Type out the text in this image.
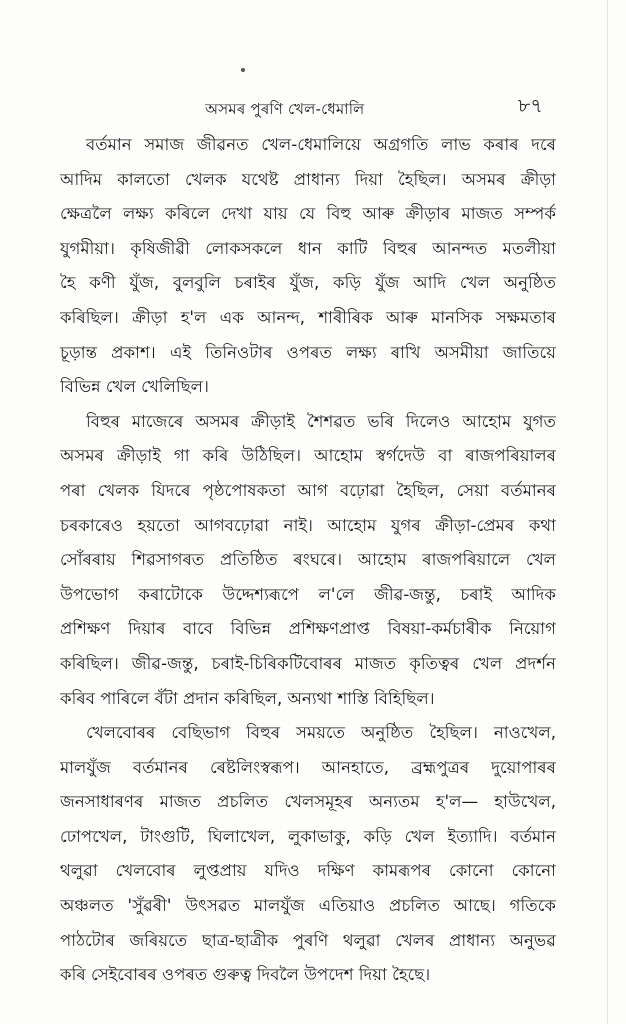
অসমৰ পুৰণি খেল-ধেমালি	৮৭
বৰ্তমান সমাজ জীৱনত খেল-ধেমালিয়ে অগ্ৰগতি লাভ কৰাৰ দৰে
আদিম কালতো খেলক যথেষ্ট প্ৰাধান্য দিয়া হৈছিল। অসমৰ ক্ৰীড়া
ক্ষেত্ৰলৈ লক্ষ্য কৰিলে দেখা যায় যে বিহু আৰু ক্ৰীড়াৰ মাজত সম্পৰ্ক
যুগমীয়া। কৃষিজীৱী লোকসকলে ধান কাটি বিহুৰ আনন্দত মতলীয়া
হৈ কণী যুঁজ, বুলবুলি চৰাইৰ যুঁজ, কড়ি যুঁজ আদি খেল অনুষ্ঠিত
কৰিছিল। ক্ৰীড়া হ'ল এক আনন্দ, শাৰীৰিক আৰু মানসিক সক্ষমতাৰ
চূড়ান্ত প্ৰকাশ। এই তিনিওটাৰ ওপৰত লক্ষ্য ৰাখি অসমীয়া জাতিয়ে
বিভিন্ন খেল খেলিছিল।
বিহুৰ মাজেৰে অসমৰ ক্ৰীড়াই শৈশৱত ভৰি দিলেও আহোম যুগত
অসমৰ ক্ৰীড়াই গা কৰি উঠিছিল। আহোম স্বৰ্গদেউ বা ৰাজপৰিয়ালৰ
পৰা খেলক যিদৰে পৃষ্ঠপোষকতা আগ বঢ়োৱা হৈছিল, সেয়া বৰ্তমানৰ
চৰকাৰেও হয়তো আগবঢ়োৱা নাই। আহোম যুগৰ ক্ৰীড়া-প্ৰেমৰ কথা
সোঁৰৰায় শিৱসাগৰত প্ৰতিষ্ঠিত ৰংঘৰে। আহোম ৰাজপৰিয়ালে খেল
উপভোগ কৰাটোকে উদ্দেশ্যৰূপে ল'লে জীৱ-জন্তু, চৰাই আদিক
প্ৰশিক্ষণ দিয়াৰ বাবে বিভিন্ন প্ৰশিক্ষণপ্ৰাপ্ত বিষয়া-কৰ্মচাৰীক নিয়োগ
কৰিছিল। জীৱ-জন্তু, চৰাই-চিৰিকটিবোৰৰ মাজত কৃতিত্বৰ খেল প্ৰদৰ্শন
কৰিব পাৰিলে বঁটা প্ৰদান কৰিছিল, অন্যথা শাস্তি বিহিছিল।
খেলবোৰৰ বেছিভাগ বিহুৰ সময়তে অনুষ্ঠিত হৈছিল। নাওখেল,
মালযুঁজ বৰ্তমানৰ ৰেষ্টলিংস্বৰূপ। আনহাতে, ব্ৰহ্মপুত্ৰৰ দুয়োপাৰৰ
জনসাধাৰণৰ মাজত প্ৰচলিত খেলসমূহৰ অন্যতম হ'ল— হাউখেল,
ঢোপখেল, টাংগুটি, ঘিলাখেল, লুকাভাকু, কড়ি খেল ইত্যাদি। বৰ্তমান
থলুৱা খেলবোৰ লুপ্তপ্ৰায় যদিও দক্ষিণ কামৰূপৰ কোনো কোনো
অঞ্চলত 'সুঁৱৰী' উৎসৱত মালযুঁজ এতিয়াও প্ৰচলিত আছে। গতিকে
পাঠটোৰ জৰিয়তে ছাত্ৰ-ছাত্ৰীক পুৰণি থলুৱা খেলৰ প্ৰাধান্য অনুভৱ
কৰি সেইবোৰৰ ওপৰত গুৰুত্ব দিবলৈ উপদেশ দিয়া হৈছে।
